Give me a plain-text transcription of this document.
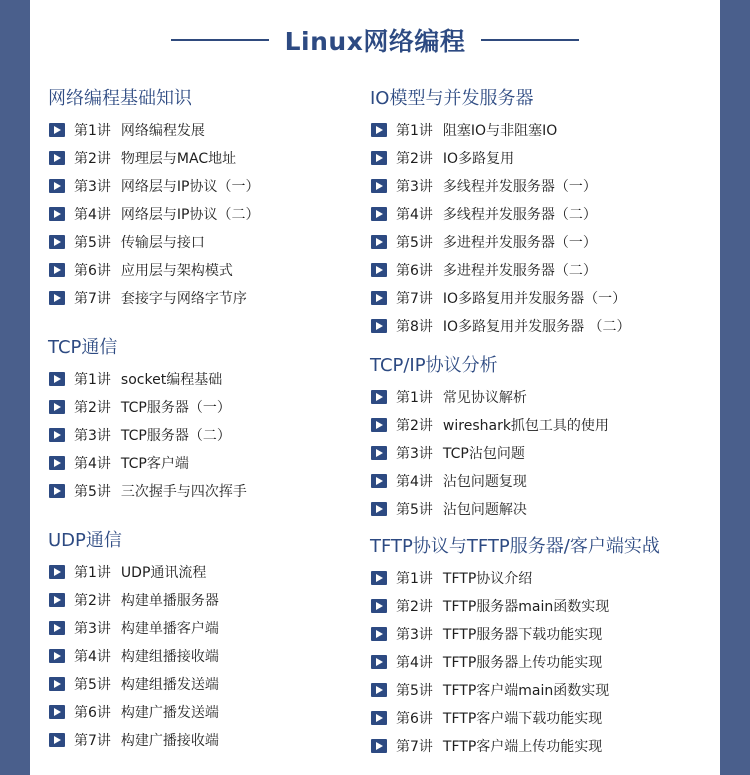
Linux网络编程
网络编程基础知识
第1讲 网络编程发展
第2讲 物理层与MAC地址
第3讲 网络层与IP协议（一）
第4讲 网络层与IP协议（二）
第5讲 传输层与接口
第6讲 应用层与架构模式
第7讲 套接字与网络字节序
TCP通信
第1讲 socket编程基础
第2讲 TCP服务器（一）
第3讲 TCP服务器（二）
第4讲 TCP客户端
第5讲 三次握手与四次挥手
UDP通信
第1讲 UDP通讯流程
第2讲 构建单播服务器
第3讲 构建单播客户端
第4讲 构建组播接收端
第5讲 构建组播发送端
第6讲 构建广播发送端
第7讲 构建广播接收端
IO模型与并发服务器
第1讲 阻塞IO与非阻塞IO
第2讲 IO多路复用
第3讲 多线程并发服务器（一）
第4讲 多线程并发服务器（二）
第5讲 多进程并发服务器（一）
第6讲 多进程并发服务器（二）
第7讲 IO多路复用并发服务器（一）
第8讲 IO多路复用并发服务器 （二）
TCP/IP协议分析
第1讲 常见协议解析
第2讲 wireshark抓包工具的使用
第3讲 TCP沾包问题
第4讲 沾包问题复现
第5讲 沾包问题解决
TFTP协议与TFTP服务器/客户端实战
第1讲 TFTP协议介绍
第2讲 TFTP服务器main函数实现
第3讲 TFTP服务器下载功能实现
第4讲 TFTP服务器上传功能实现
第5讲 TFTP客户端main函数实现
第6讲 TFTP客户端下载功能实现
第7讲 TFTP客户端上传功能实现
